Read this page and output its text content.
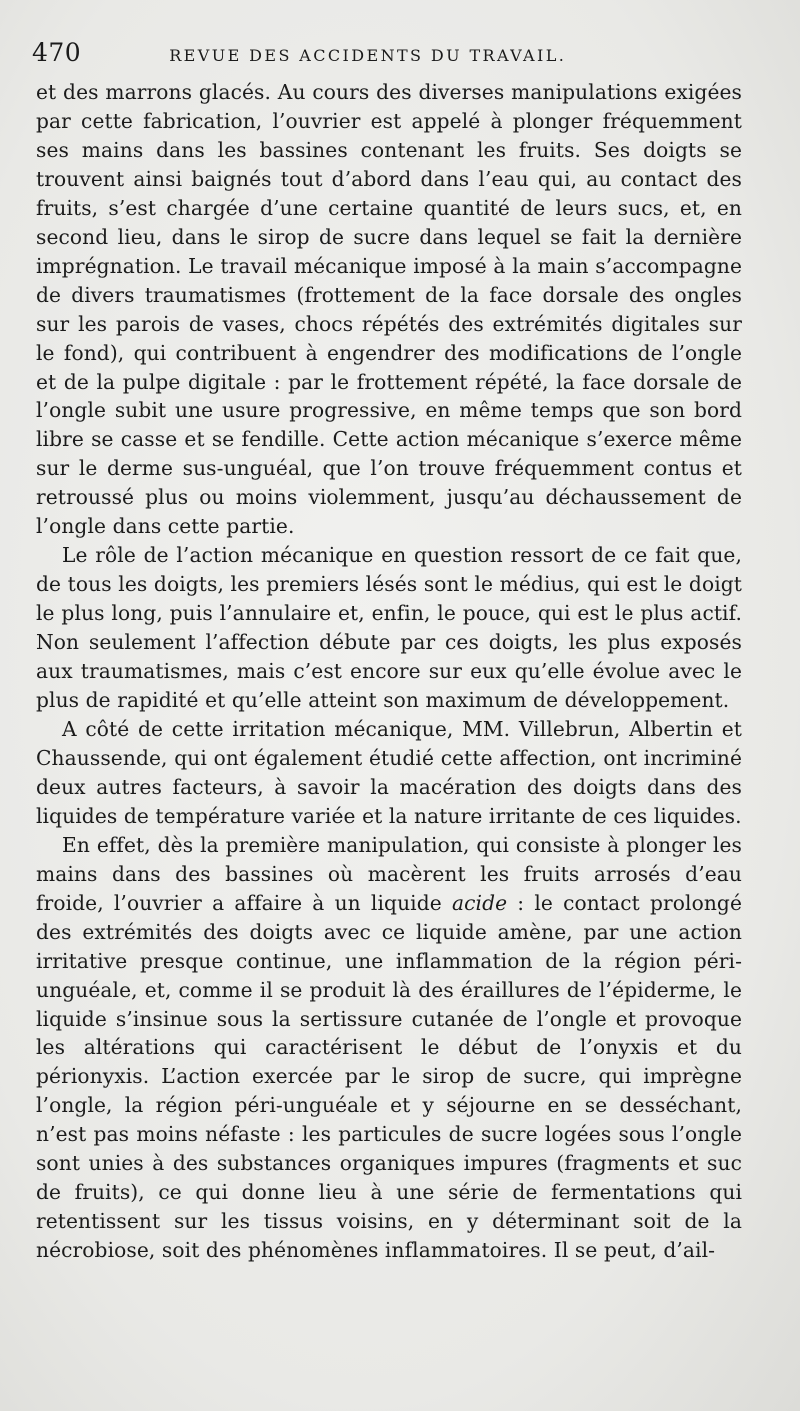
470	REVUE DES ACCIDENTS DU TRAVAIL.

et des marrons glacés. Au cours des diverses manipulations exigées par cette fabrication, l’ouvrier est appelé à plonger fréquemment ses mains dans les bassines contenant les fruits. Ses doigts se trouvent ainsi baignés tout d’abord dans l’eau qui, au contact des fruits, s’est chargée d’une certaine quantité de leurs sucs, et, en second lieu, dans le sirop de sucre dans lequel se fait la dernière imprégnation. Le travail mécanique imposé à la main s’accompagne de divers traumatismes (frottement de la face dorsale des ongles sur les parois de vases, chocs répétés des extrémités digitales sur le fond), qui contribuent à engendrer des modifications de l’ongle et de la pulpe digitale : par le frottement répété, la face dorsale de l’ongle subit une usure progressive, en même temps que son bord libre se casse et se fendille. Cette action mécanique s’exerce même sur le derme sus-unguéal, que l’on trouve fréquemment contus et retroussé plus ou moins violemment, jusqu’au déchaussement de l’ongle dans cette partie.

Le rôle de l’action mécanique en question ressort de ce fait que, de tous les doigts, les premiers lésés sont le médius, qui est le doigt le plus long, puis l’annulaire et, enfin, le pouce, qui est le plus actif. Non seulement l’affection débute par ces doigts, les plus exposés aux traumatismes, mais c’est encore sur eux qu’elle évolue avec le plus de rapidité et qu’elle atteint son maximum de développement.

A côté de cette irritation mécanique, MM. Villebrun, Albertin et Chaussende, qui ont également étudié cette affection, ont incriminé deux autres facteurs, à savoir la macération des doigts dans des liquides de température variée et la nature irritante de ces liquides.

En effet, dès la première manipulation, qui consiste à plonger les mains dans des bassines où macèrent les fruits arrosés d’eau froide, l’ouvrier a affaire à un liquide acide : le contact prolongé des extrémités des doigts avec ce liquide amène, par une action irritative presque continue, une inflammation de la région péri-unguéale, et, comme il se produit là des éraillures de l’épiderme, le liquide s’insinue sous la sertissure cutanée de l’ongle et provoque les altérations qui caractérisent le début de l’onyxis et du périonyxis. L’action exercée par le sirop de sucre, qui imprègne l’ongle, la région péri-unguéale et y séjourne en se desséchant, n’est pas moins néfaste : les particules de sucre logées sous l’ongle sont unies à des substances organiques impures (fragments et suc de fruits), ce qui donne lieu à une série de fermentations qui retentissent sur les tissus voisins, en y déterminant soit de la nécrobiose, soit des phénomènes inflammatoires. Il se peut, d’ail-
